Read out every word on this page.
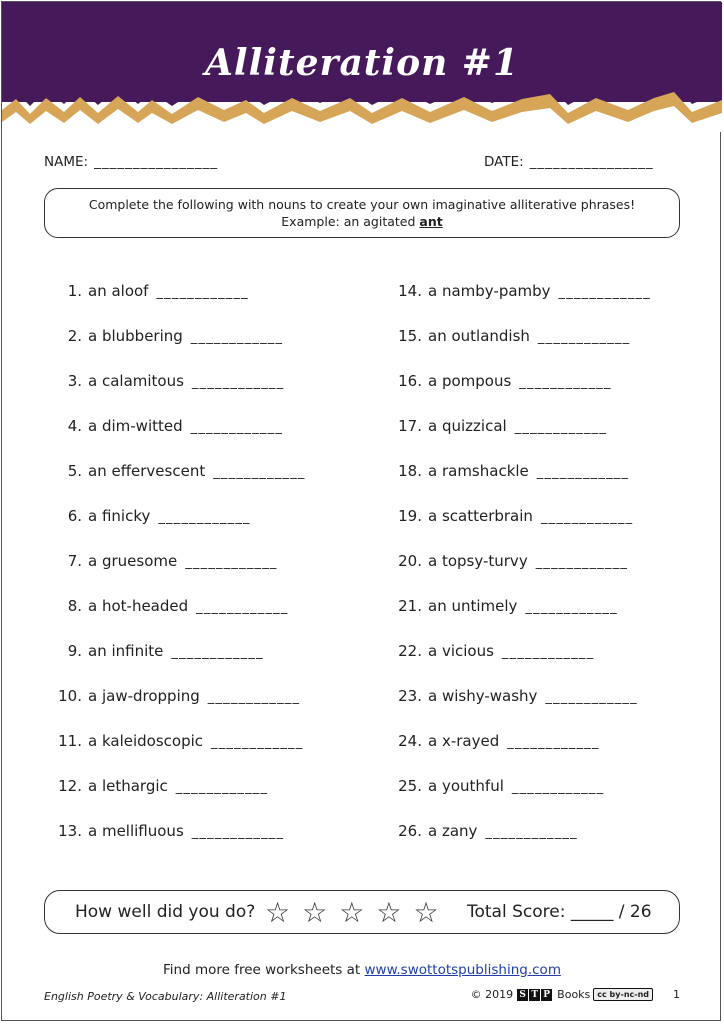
Alliteration #1
NAME: ________________	DATE: ________________
Complete the following with nouns to create your own imaginative alliterative phrases!
Example: an agitated ant
1. an aloof ____________
2. a blubbering ____________
3. a calamitous ____________
4. a dim-witted ____________
5. an effervescent ____________
6. a finicky ____________
7. a gruesome ____________
8. a hot-headed ____________
9. an infinite ____________
10. a jaw-dropping ____________
11. a kaleidoscopic ____________
12. a lethargic ____________
13. a mellifluous ____________
14. a namby-pamby ____________
15. an outlandish ____________
16. a pompous ____________
17. a quizzical ____________
18. a ramshackle ____________
19. a scatterbrain ____________
20. a topsy-turvy ____________
21. an untimely ____________
22. a vicious ____________
23. a wishy-washy ____________
24. a x-rayed ____________
25. a youthful ____________
26. a zany ____________
How well did you do? ☆ ☆ ☆ ☆ ☆	Total Score: _____ / 26
Find more free worksheets at www.swottotspublishing.com
English Poetry & Vocabulary: Alliteration #1	© 2019 S T P Books cc by-nc-nd	1
